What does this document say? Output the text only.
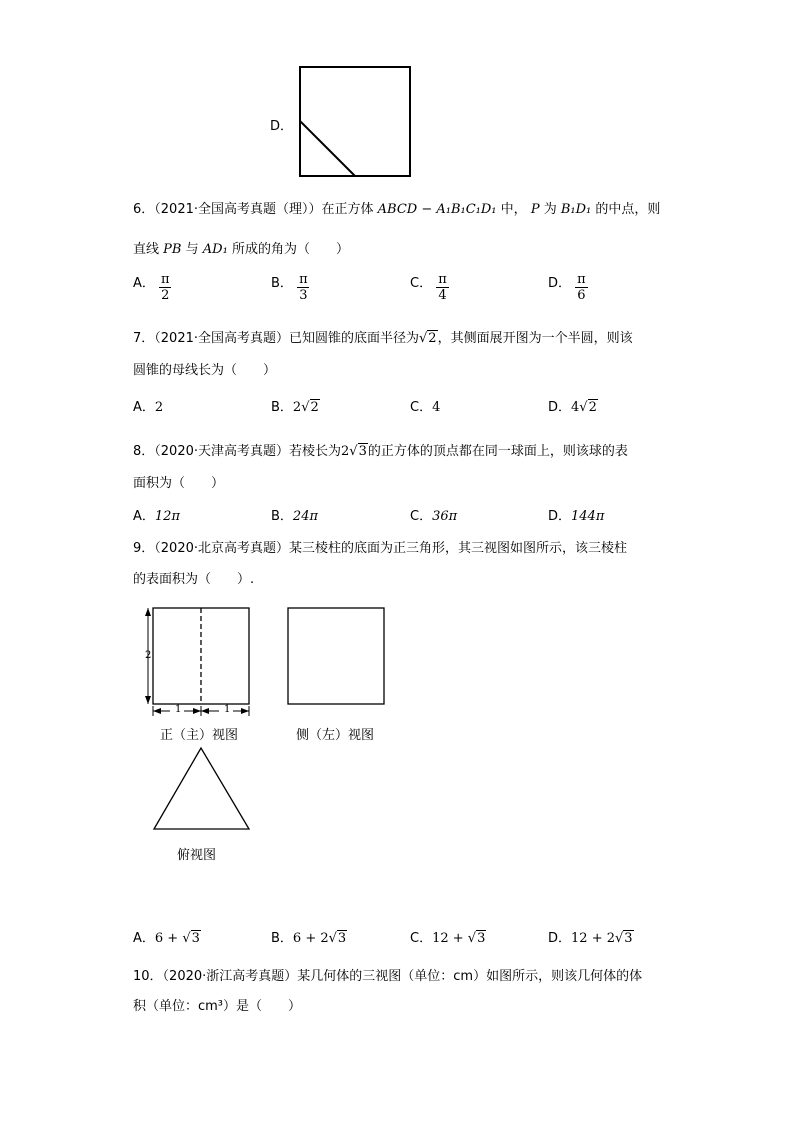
D．
6．（2021·全国高考真题（理））在正方体 ABCD − A₁B₁C₁D₁ 中， P 为 B₁D₁ 的中点，则
直线 PB 与 AD₁ 所成的角为（　　）
A． $\frac{\pi}{2}$	B． $\frac{\pi}{3}$	C． $\frac{\pi}{4}$	D． $\frac{\pi}{6}$
7．（2021·全国高考真题）已知圆锥的底面半径为√2，其侧面展开图为一个半圆，则该
圆锥的母线长为（　　）
A．2	B．2√2	C．4	D．4√2
8．（2020·天津高考真题）若棱长为2√3的正方体的顶点都在同一球面上，则该球的表
面积为（　　）
A．12π	B．24π	C．36π	D．144π
9．（2020·北京高考真题）某三棱柱的底面为正三角形，其三视图如图所示，该三棱柱
的表面积为（　　）.
2
1	1
正（主）视图	侧（左）视图
俯视图
A．6 + √3	B．6 + 2√3	C．12 + √3	D．12 + 2√3
10．（2020·浙江高考真题）某几何体的三视图（单位：cm）如图所示，则该几何体的体
积（单位：cm³）是（　　）
